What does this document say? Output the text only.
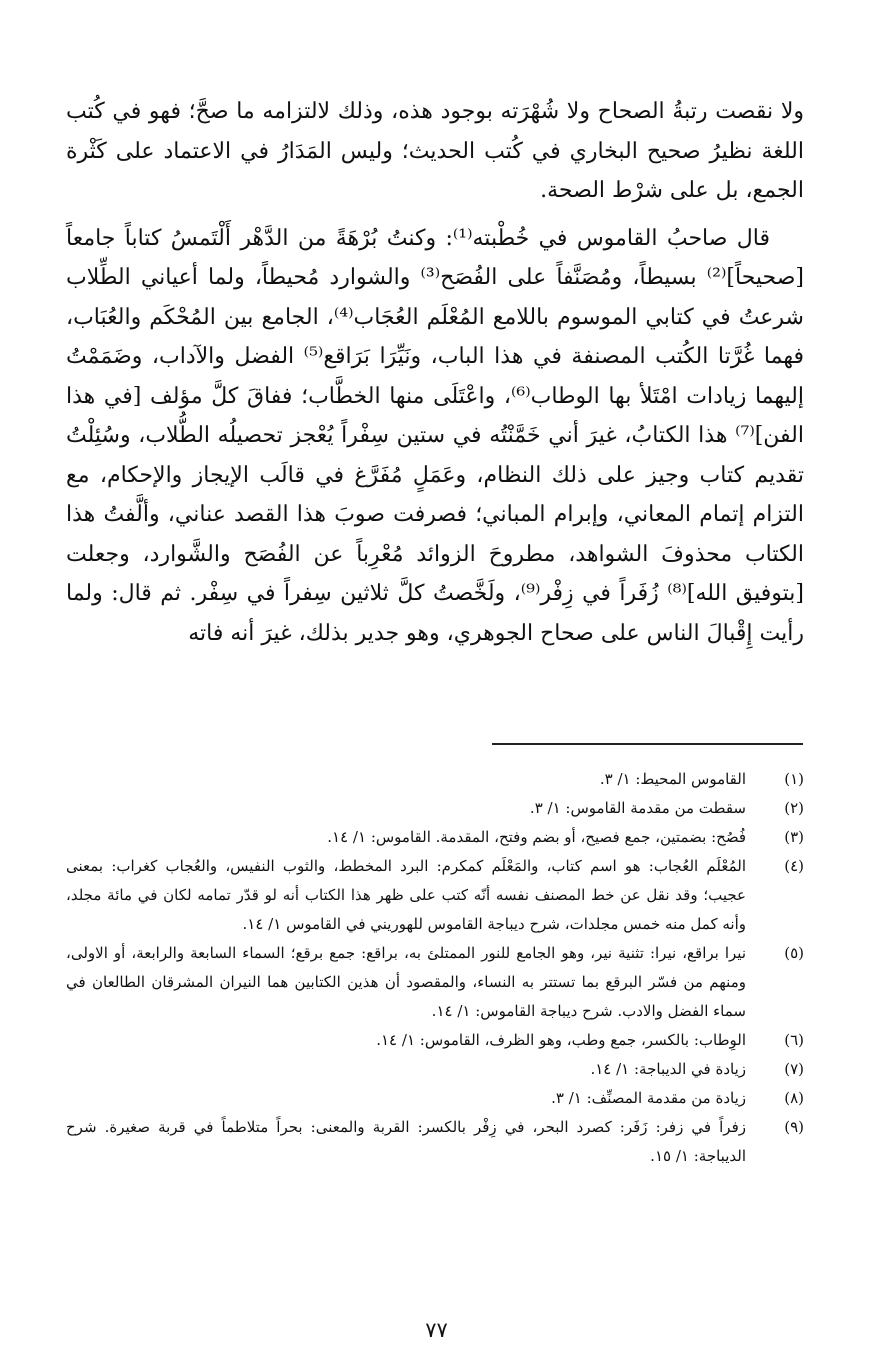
ولا نقصت رتبةُ الصحاح ولا شُهْرَته بوجود هذه، وذلك لالتزامه ما صحَّ؛ فهو في كُتب اللغة نظيرُ صحيح البخاري في كُتب الحديث؛ وليس المَدَارُ في الاعتماد على كَثْرة الجمع، بل على شرْط الصحة.

قال صاحبُ القاموس في خُطْبته⁽¹⁾: وكنتُ بُرْهَةً من الدَّهْر أَلْتَمسُ كتاباً جامعاً [صحيحاً]⁽²⁾ بسيطاً، ومُصَنَّفاً على الفُصَح⁽³⁾ والشوارد مُحيطاً، ولما أعياني الطِّلاب شرعتُ في كتابي الموسوم باللامع المُعْلَم العُجَاب⁽⁴⁾، الجامع بين المُحْكَم والعُبَاب، فهما غُرَّتا الكُتب المصنفة في هذا الباب، ونَيِّرَا بَرَاقع⁽⁵⁾ الفضل والآداب، وضَمَمْتُ إليهما زيادات امْتَلأ بها الوطاب⁽⁶⁾، واعْتَلَى منها الخطَّاب؛ ففاقَ كلَّ مؤلف [في هذا الفن]⁽⁷⁾ هذا الكتابُ، غيرَ أني خَمَّنْتُه في ستين سِفْراً يُعْجز تحصيلُه الطُّلاب، وسُئِلْتُ تقديم كتاب وجيز على ذلك النظام، وعَمَلٍ مُفَرَّغ في قالَب الإيجاز والإحكام، مع التزام إتمام المعاني، وإبرام المباني؛ فصرفت صوبَ هذا القصد عناني، وألَّفتُ هذا الكتاب محذوفَ الشواهد، مطروحَ الزوائد مُعْرِباً عن الفُصَح والشَّوارد، وجعلت [بتوفيق الله]⁽⁸⁾ زُفَراً في زِفْر⁽⁹⁾، ولَخَّصتُ كلَّ ثلاثين سِفراً في سِفْر. ثم قال: ولما رأيت إِقْبالَ الناس على صحاح الجوهري، وهو جدير بذلك، غيرَ أنه فاته

(١)
القاموس المحيط: ١/ ٣.
(٢)
سقطت من مقدمة القاموس: ١/ ٣.
(٣)
فُصُح: بضمتين، جمع فصيح، أو بضم وفتح، المقدمة. القاموس: ١/ ١٤.
(٤)
المُعْلَم العُجاب: هو اسم كتاب، والمَعْلَم كمكرم: البرد المخطط، والثوب النفيس، والعُجاب كغراب: بمعنى عجيب؛ وقد نقل عن خط المصنف نفسه أنّه كتب على ظهر هذا الكتاب أنه لو قدّر تمامه لكان في مائة مجلد، وأنه كمل منه خمس مجلدات، شرح ديباجة القاموس للهوريني في القاموس ١/ ١٤.
(٥)
نيرا براقع، نيرا: تثنية نير، وهو الجامع للنور الممتلئ به، براقع: جمع برقع؛ السماء السابعة والرابعة، أو الاولى، ومنهم من فسّر البرقع بما تستتر به النساء، والمقصود أن هذين الكتابين هما النيران المشرقان الطالعان في سماء الفضل والادب. شرح ديباجة القاموس: ١/ ١٤.
(٦)
الوِطاب: بالكسر، جمع وطب، وهو الظرف، القاموس: ١/ ١٤.
(٧)
زيادة في الديباجة: ١/ ١٤.
(٨)
زيادة من مقدمة المصنِّف: ١/ ٣.
(٩)
زفراً في زفر: زَفَر: كصرد البحر، في زِفْر بالكسر: القربة والمعنى: بحراً متلاطماً في قربة صغيرة. شرح الديباجة: ١/ ١٥.
٧٧
